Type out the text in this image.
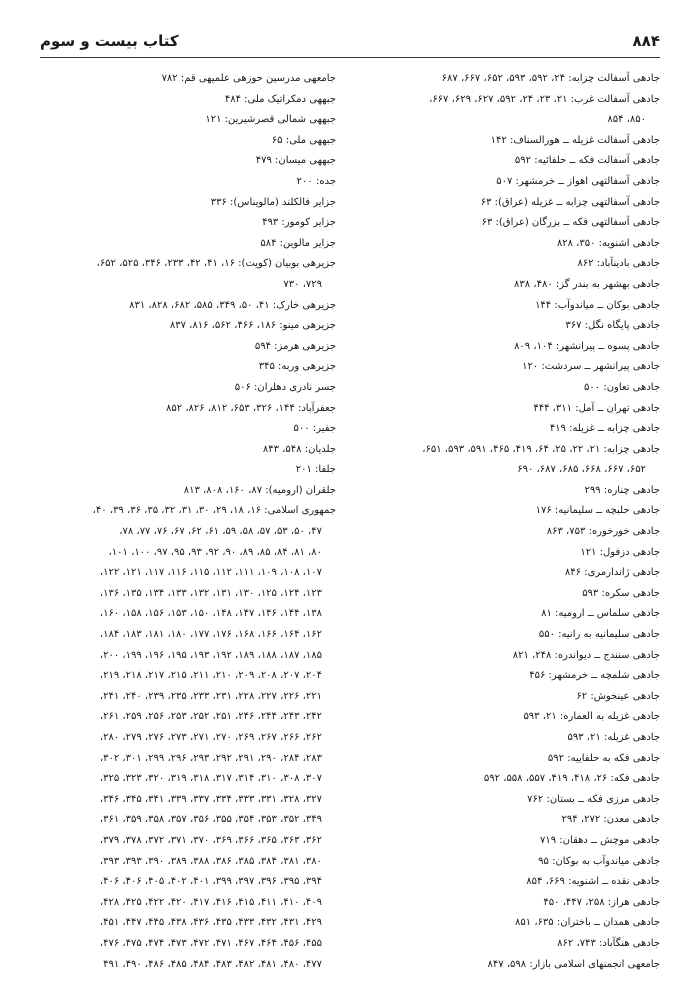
۸۸۴
کتاب بیست و سوم
جادهی آسفالت چزابه: ۲۴، ۵۹۲، ۵۹۳، ۶۵۲، ۶۶۷، ۶۸۷
جادهی آسفالت غرب: ۲۱، ۲۳، ۲۴، ۵۹۲، ۶۲۷، ۶۲۹، ۶۶۷،
۸۵۰، ۸۵۴
جادهی آسفالت غزیله ــ هورالسناف: ۱۴۲
جادهی آسفالت فکه ــ حلفائیه: ۵۹۲
جادهی آسفالتهی اهواز ــ خرمشهر: ۵۰۷
جادهی آسفالتهی چزابه ــ غزیله (عراق): ۶۳
جادهی آسفالتهی فکه ــ بزرگان (عراق): ۶۳
جادهی اشنویه: ۳۵۰، ۸۲۸
جادهی بادینآباد: ۸۶۲
جادهی بهشهر به بندر گز: ۴۸۰، ۸۳۸
جادهی بوکان ــ میاندوآب: ۱۴۴
جادهی پایگاه نگل: ۳۶۷
جادهی پسوه ــ پیرانشهر: ۱۰۴، ۸۰۹
جادهی پیرانشهر ــ سردشت: ۱۲۰
جادهی تعاون: ۵۰۰
جادهی تهران ــ آمل: ۳۱۱، ۴۴۴
جادهی چزابه ــ غزیله: ۴۱۹
جادهی چزابه: ۲۱، ۲۲، ۲۵، ۶۴، ۴۱۹، ۴۶۵، ۵۹۱، ۵۹۳، ۶۵۱،
۶۵۲، ۶۶۷، ۶۶۸، ۶۸۵، ۶۸۷، ۶۹۰
جادهی چناره: ۲۹۹
جادهی حلبچه ــ سلیمانیه: ۱۷۶
جادهی خورخوره: ۷۵۳، ۸۶۳
جادهی دزفول: ۱۲۱
جادهی ژاندارمری: ۸۴۶
جادهی سکره: ۵۹۳
جادهی سلماس ــ ارومیه: ۸۱
جادهی سلیمانیه به رانیه: ۵۵۰
جادهی سنندج ــ دیواندره: ۲۴۸، ۸۲۱
جادهی شلمچه ــ خرمشهر: ۴۵۶
جادهی عینخوش: ۶۲
جادهی غزیله به العماره: ۲۱، ۵۹۳
جادهی غزیله: ۲۱، ۵۹۳
جادهی فکه به حلفاییه: ۵۹۲
جادهی فکه: ۲۶، ۴۱۸، ۴۱۹، ۵۵۷، ۵۵۸، ۵۹۲
جادهی مرزی فکه ــ بستان: ۷۶۲
جادهی معدن: ۲۷۲، ۲۹۴
جادهی موچش ــ دهقان: ۷۱۹
جادهی میاندوآب به بوکان: ۹۵
جادهی نقده ــ اشنویه: ۶۶۹، ۸۵۴
جادهی هراز: ۲۵۸، ۴۴۷، ۴۵۰
جادهی همدان ــ باختران: ۶۳۵، ۸۵۱
جادهی هنگآباد: ۷۴۳، ۸۶۲
جامعهی انجمنهای اسلامی بازار: ۵۹۸، ۸۴۷
جامعهی مدرسین حوزهی علمیهی قم: ۷۸۲
جبههی دمکراتیک ملی: ۴۸۴
جبههی شمالی قصرشیرین: ۱۲۱
جبههی ملی: ۶۵
جبههی میسان: ۴۷۹
جده: ۲۰۰
جزایر فالکلند (مالویناس): ۳۳۶
جزایر کومور: ۴۹۳
جزایر مالوین: ۵۸۴
جزیرهی بوبیان (کویت): ۱۶، ۴۱، ۴۲، ۲۳۳، ۳۴۶، ۵۲۵، ۶۵۲،
۷۲۹، ۷۳۰
جزیرهی خارک: ۴۱، ۵۰، ۳۴۹، ۵۸۵، ۶۸۲، ۸۲۸، ۸۳۱
جزیرهی مینو: ۱۸۶، ۴۶۶، ۵۶۲، ۸۱۶، ۸۳۷
جزیرهی هرمز: ۵۹۴
جزیرهی وربه: ۳۴۵
جسر نادری دهلران: ۵۰۶
جعفرآباد: ۱۴۴، ۳۲۶، ۶۵۳، ۸۱۲، ۸۲۶، ۸۵۲
جفیر: ۵۰۰
جلدیان: ۵۴۸، ۸۴۳
جلفا: ۲۰۱
جلقران (ارومیه): ۸۷، ۱۶۰، ۸۰۸، ۸۱۳
جمهوری اسلامی: ۱۶، ۱۸، ۲۹، ۳۰، ۳۱، ۳۲، ۳۵، ۳۶، ۳۹، ۴۰،
۴۷، ۵۰، ۵۳، ۵۷، ۵۸، ۵۹، ۶۱، ۶۲، ۶۷، ۷۶، ۷۷، ۷۸،
۸۰، ۸۱، ۸۴، ۸۵، ۸۹، ۹۰، ۹۲، ۹۳، ۹۵، ۹۷، ۱۰۰، ۱۰۱،
۱۰۷، ۱۰۸، ۱۰۹، ۱۱۱، ۱۱۲، ۱۱۵، ۱۱۶، ۱۱۷، ۱۲۱، ۱۲۲،
۱۲۳، ۱۲۴، ۱۲۵، ۱۳۰، ۱۳۱، ۱۳۲، ۱۳۳، ۱۳۴، ۱۳۵، ۱۳۶،
۱۳۸، ۱۴۴، ۱۴۶، ۱۴۷، ۱۴۸، ۱۵۰، ۱۵۳، ۱۵۶، ۱۵۸، ۱۶۰،
۱۶۲، ۱۶۴، ۱۶۶، ۱۶۸، ۱۷۶، ۱۷۷، ۱۸۰، ۱۸۱، ۱۸۳، ۱۸۴،
۱۸۵، ۱۸۷، ۱۸۸، ۱۸۹، ۱۹۲، ۱۹۳، ۱۹۵، ۱۹۶، ۱۹۹، ۲۰۰،
۲۰۴، ۲۰۷، ۲۰۸، ۲۰۹، ۲۱۰، ۲۱۱، ۲۱۵، ۲۱۷، ۲۱۸، ۲۱۹،
۲۲۱، ۲۲۶، ۲۲۷، ۲۲۸، ۲۳۱، ۲۳۳، ۲۳۵، ۲۳۹، ۲۴۰، ۲۴۱،
۲۴۲، ۲۴۳، ۲۴۴، ۲۴۶، ۲۵۱، ۲۵۲، ۲۵۳، ۲۵۶، ۲۵۹، ۲۶۱،
۲۶۲، ۲۶۶، ۲۶۷، ۲۶۹، ۲۷۰، ۲۷۱، ۲۷۳، ۲۷۶، ۲۷۹، ۲۸۰،
۲۸۳، ۲۸۴، ۲۹۰، ۲۹۱، ۲۹۲، ۲۹۳، ۲۹۶، ۲۹۹، ۳۰۱، ۳۰۲،
۳۰۷، ۳۰۸، ۳۱۰، ۳۱۴، ۳۱۷، ۳۱۸، ۳۱۹، ۳۲۰، ۳۲۳، ۳۲۵،
۳۲۷، ۳۲۸، ۳۳۱، ۳۳۳، ۳۳۴، ۳۳۷، ۳۳۹، ۳۴۱، ۳۴۵، ۳۴۶،
۳۴۹، ۳۵۲، ۳۵۳، ۳۵۴، ۳۵۵، ۳۵۶، ۳۵۷، ۳۵۸، ۳۵۹، ۳۶۱،
۳۶۲، ۳۶۳، ۳۶۵، ۳۶۶، ۳۶۹، ۳۷۰، ۳۷۱، ۳۷۲، ۳۷۸، ۳۷۹،
۳۸۰، ۳۸۱، ۳۸۴، ۳۸۵، ۳۸۶، ۳۸۸، ۳۸۹، ۳۹۰، ۳۹۳، ۳۹۳،
۳۹۴، ۳۹۵، ۳۹۶، ۳۹۷، ۳۹۹، ۴۰۱، ۴۰۲، ۴۰۵، ۴۰۶، ۴۰۶،
۴۰۹، ۴۱۰، ۴۱۱، ۴۱۵، ۴۱۶، ۴۱۷، ۴۲۰، ۴۲۲، ۴۲۵، ۴۲۸،
۴۲۹، ۴۳۱، ۴۳۲، ۴۳۳، ۴۳۵، ۴۳۶، ۴۳۸، ۴۴۵، ۴۴۷، ۴۵۱،
۴۵۵، ۴۵۶، ۴۶۴، ۴۶۷، ۴۷۱، ۴۷۲، ۴۷۳، ۴۷۴، ۴۷۵، ۴۷۶،
۴۷۷، ۴۸۰، ۴۸۱، ۴۸۲، ۴۸۳، ۴۸۴، ۴۸۵، ۴۸۶، ۴۹۰، ۴۹۱
